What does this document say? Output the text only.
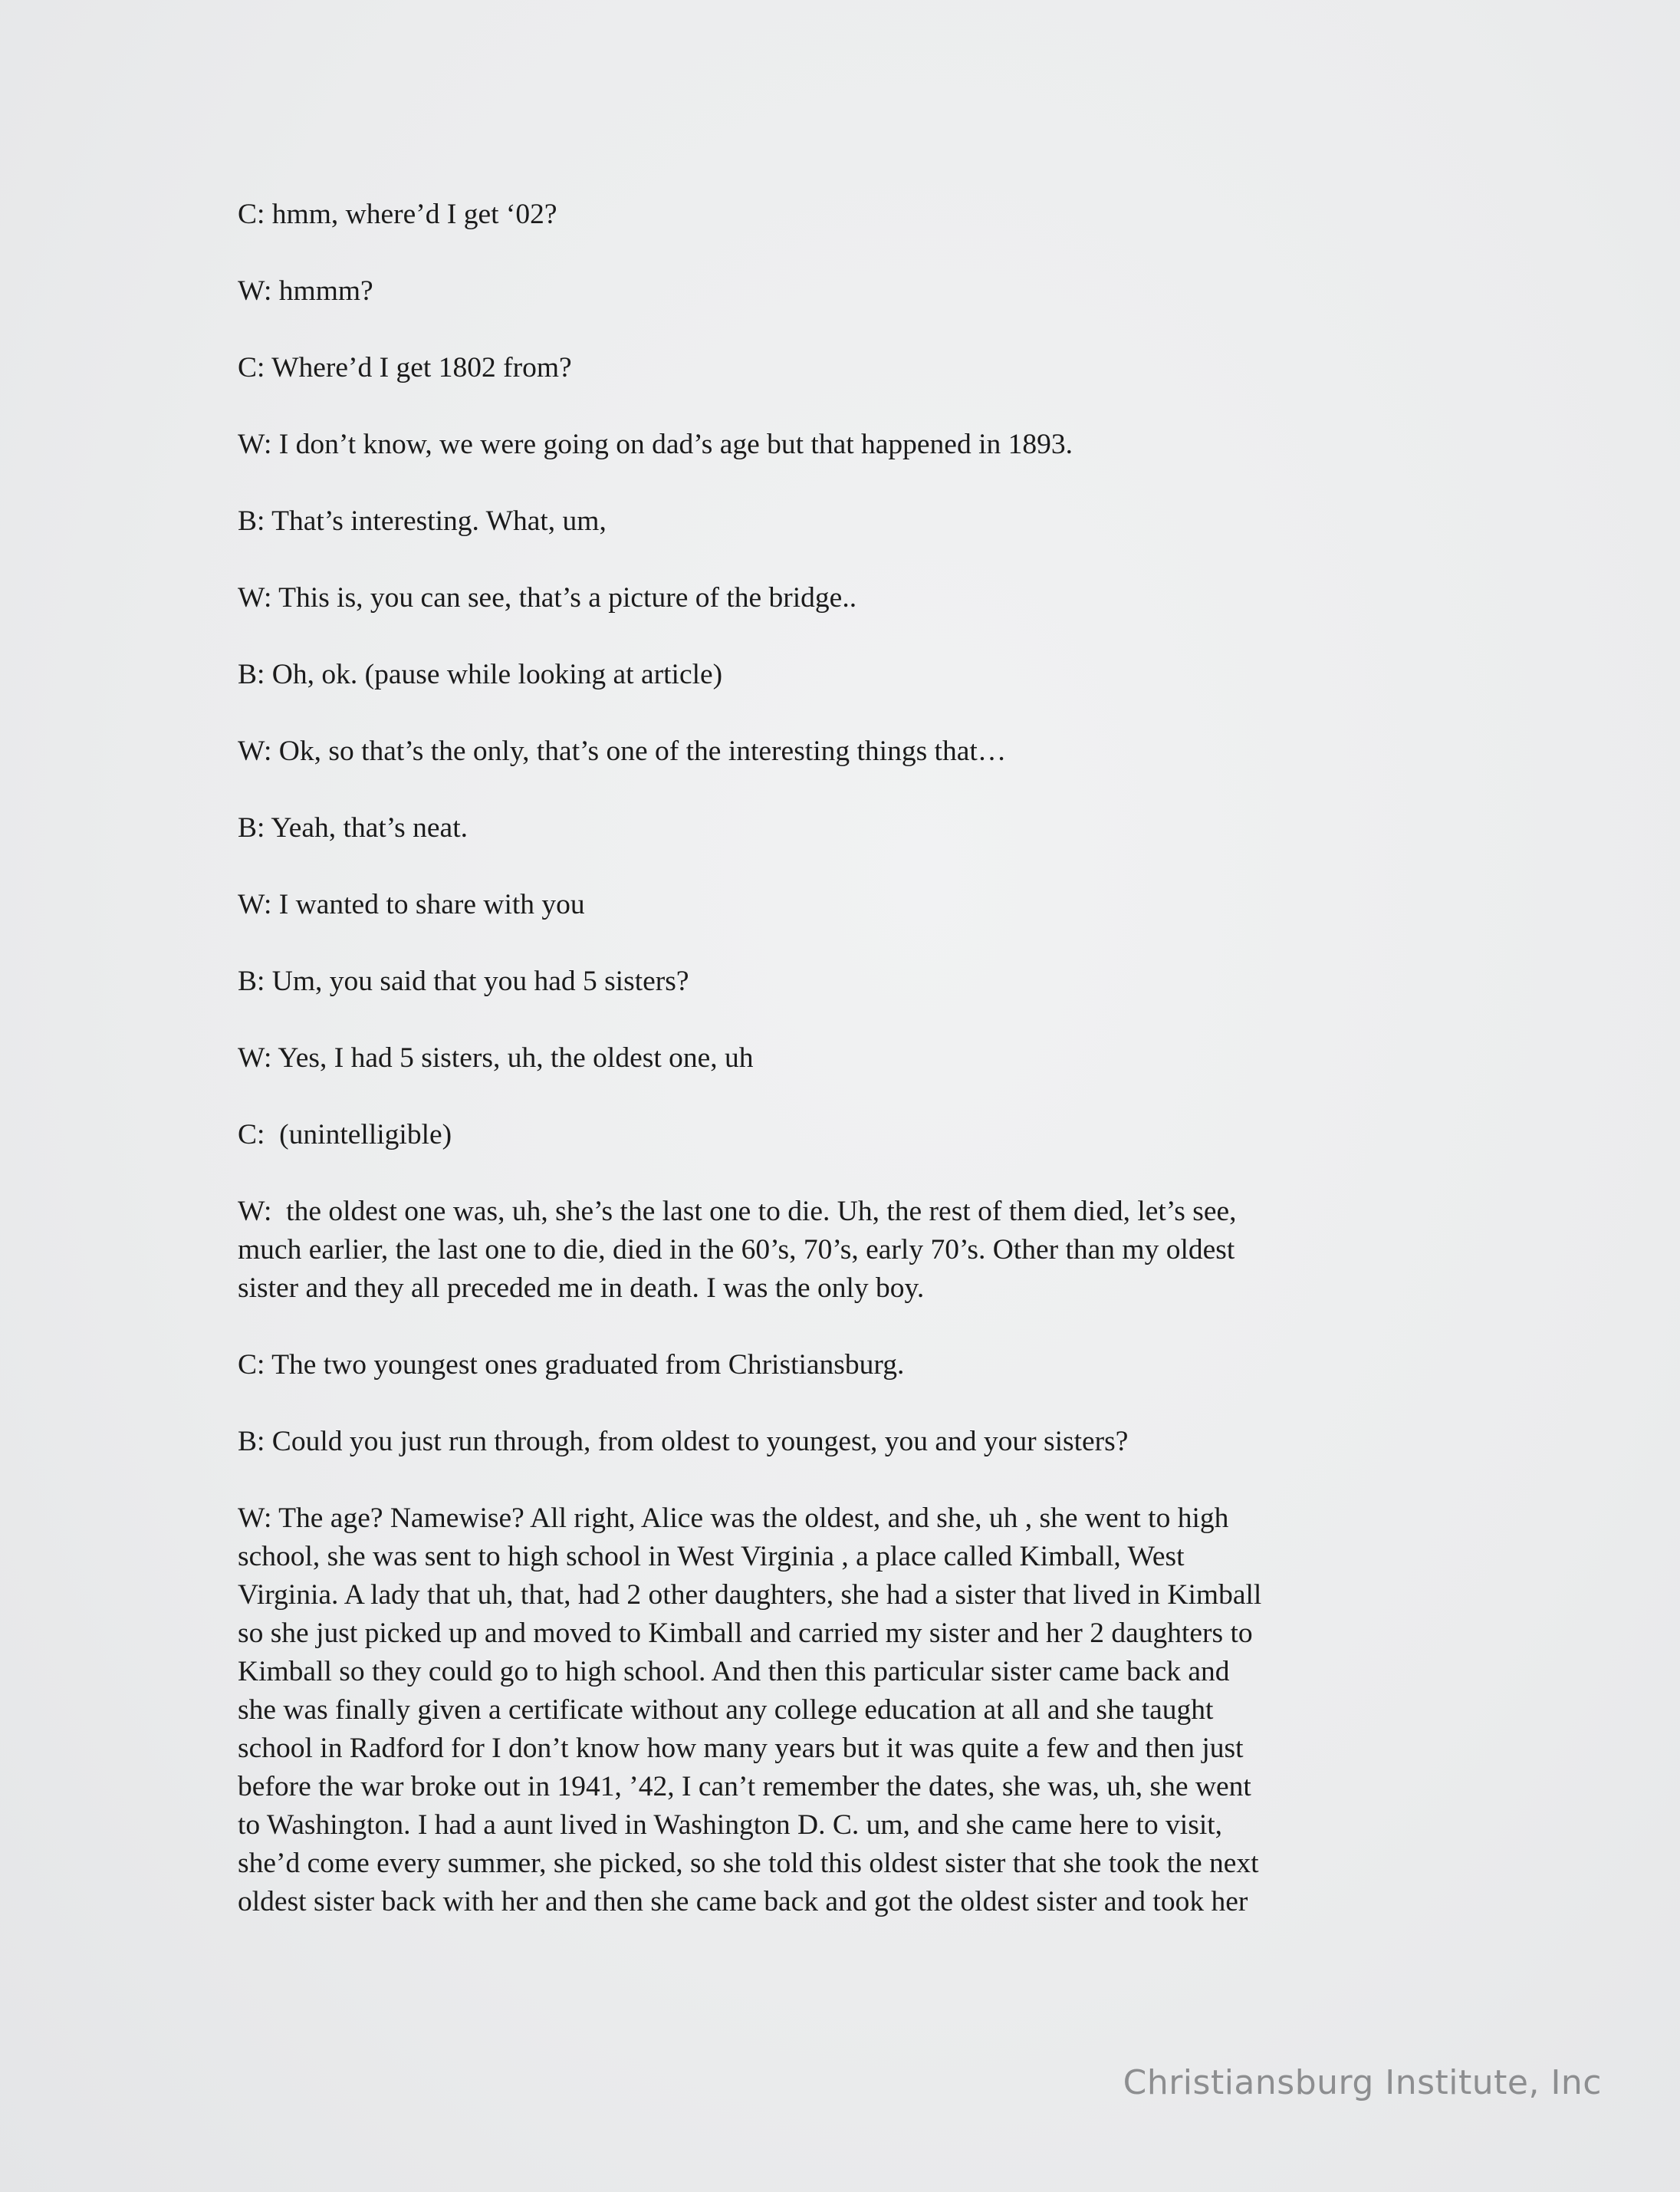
C: hmm, where’d I get ‘02?
W: hmmm?
C: Where’d I get 1802 from?
W: I don’t know, we were going on dad’s age but that happened in 1893.
B: That’s interesting. What, um,
W: This is, you can see, that’s a picture of the bridge..
B: Oh, ok. (pause while looking at article)
W: Ok, so that’s the only, that’s one of the interesting things that…
B: Yeah, that’s neat.
W: I wanted to share with you
B: Um, you said that you had 5 sisters?
W: Yes, I had 5 sisters, uh, the oldest one, uh
C:  (unintelligible)
W:  the oldest one was, uh, she’s the last one to die. Uh, the rest of them died, let’s see,
much earlier, the last one to die, died in the 60’s, 70’s, early 70’s. Other than my oldest
sister and they all preceded me in death. I was the only boy.
C: The two youngest ones graduated from Christiansburg.
B: Could you just run through, from oldest to youngest, you and your sisters?
W: The age? Namewise? All right, Alice was the oldest, and she, uh , she went to high
school, she was sent to high school in West Virginia , a place called Kimball, West
Virginia. A lady that uh, that, had 2 other daughters, she had a sister that lived in Kimball
so she just picked up and moved to Kimball and carried my sister and her 2 daughters to
Kimball so they could go to high school. And then this particular sister came back and
she was finally given a certificate without any college education at all and she taught
school in Radford for I don’t know how many years but it was quite a few and then just
before the war broke out in 1941, ’42, I can’t remember the dates, she was, uh, she went
to Washington. I had a aunt lived in Washington D. C. um, and she came here to visit,
she’d come every summer, she picked, so she told this oldest sister that she took the next
oldest sister back with her and then she came back and got the oldest sister and took her
Christiansburg Institute, Inc
